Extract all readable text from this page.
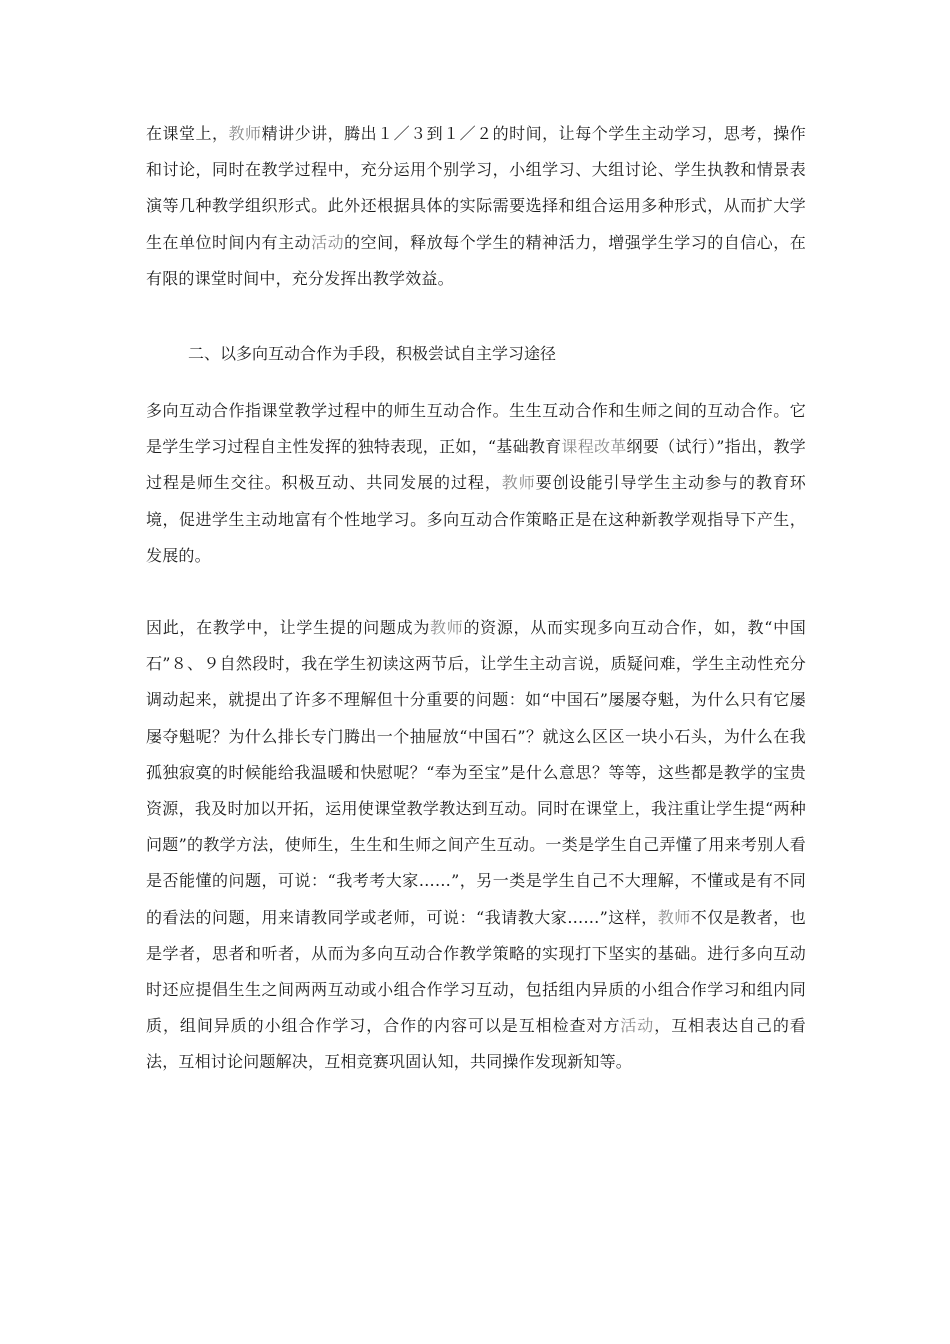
在课堂上，教师精讲少讲，腾出１／３到１／２的时间，让每个学生主动学习，思考，操作和讨论，同时在教学过程中，充分运用个别学习，小组学习、大组讨论、学生执教和情景表演等几种教学组织形式。此外还根据具体的实际需要选择和组合运用多种形式，从而扩大学生在单位时间内有主动活动的空间，释放每个学生的精神活力，增强学生学习的自信心，在有限的课堂时间中，充分发挥出教学效益。

二、以多向互动合作为手段，积极尝试自主学习途径

多向互动合作指课堂教学过程中的师生互动合作。生生互动合作和生师之间的互动合作。它是学生学习过程自主性发挥的独特表现，正如，“基础教育课程改革纲要（试行）”指出，教学过程是师生交往。积极互动、共同发展的过程，教师要创设能引导学生主动参与的教育环境，促进学生主动地富有个性地学习。多向互动合作策略正是在这种新教学观指导下产生，发展的。

因此，在教学中，让学生提的问题成为教师的资源，从而实现多向互动合作，如，教“中国石”８、９自然段时，我在学生初读这两节后，让学生主动言说，质疑问难，学生主动性充分调动起来，就提出了许多不理解但十分重要的问题：如“中国石”屡屡夺魁，为什么只有它屡屡夺魁呢？为什么排长专门腾出一个抽屉放“中国石”？就这么区区一块小石头，为什么在我孤独寂寞的时候能给我温暖和快慰呢？“奉为至宝”是什么意思？等等，这些都是教学的宝贵资源，我及时加以开拓，运用使课堂教学教达到互动。同时在课堂上，我注重让学生提“两种问题”的教学方法，使师生，生生和生师之间产生互动。一类是学生自己弄懂了用来考别人看是否能懂的问题，可说：“我考考大家……”，另一类是学生自己不大理解，不懂或是有不同的看法的问题，用来请教同学或老师，可说：“我请教大家……”这样，教师不仅是教者，也是学者，思者和听者，从而为多向互动合作教学策略的实现打下坚实的基础。进行多向互动时还应提倡生生之间两两互动或小组合作学习互动，包括组内异质的小组合作学习和组内同质，组间异质的小组合作学习，合作的内容可以是互相检查对方活动，互相表达自己的看法，互相讨论问题解决，互相竞赛巩固认知，共同操作发现新知等。
